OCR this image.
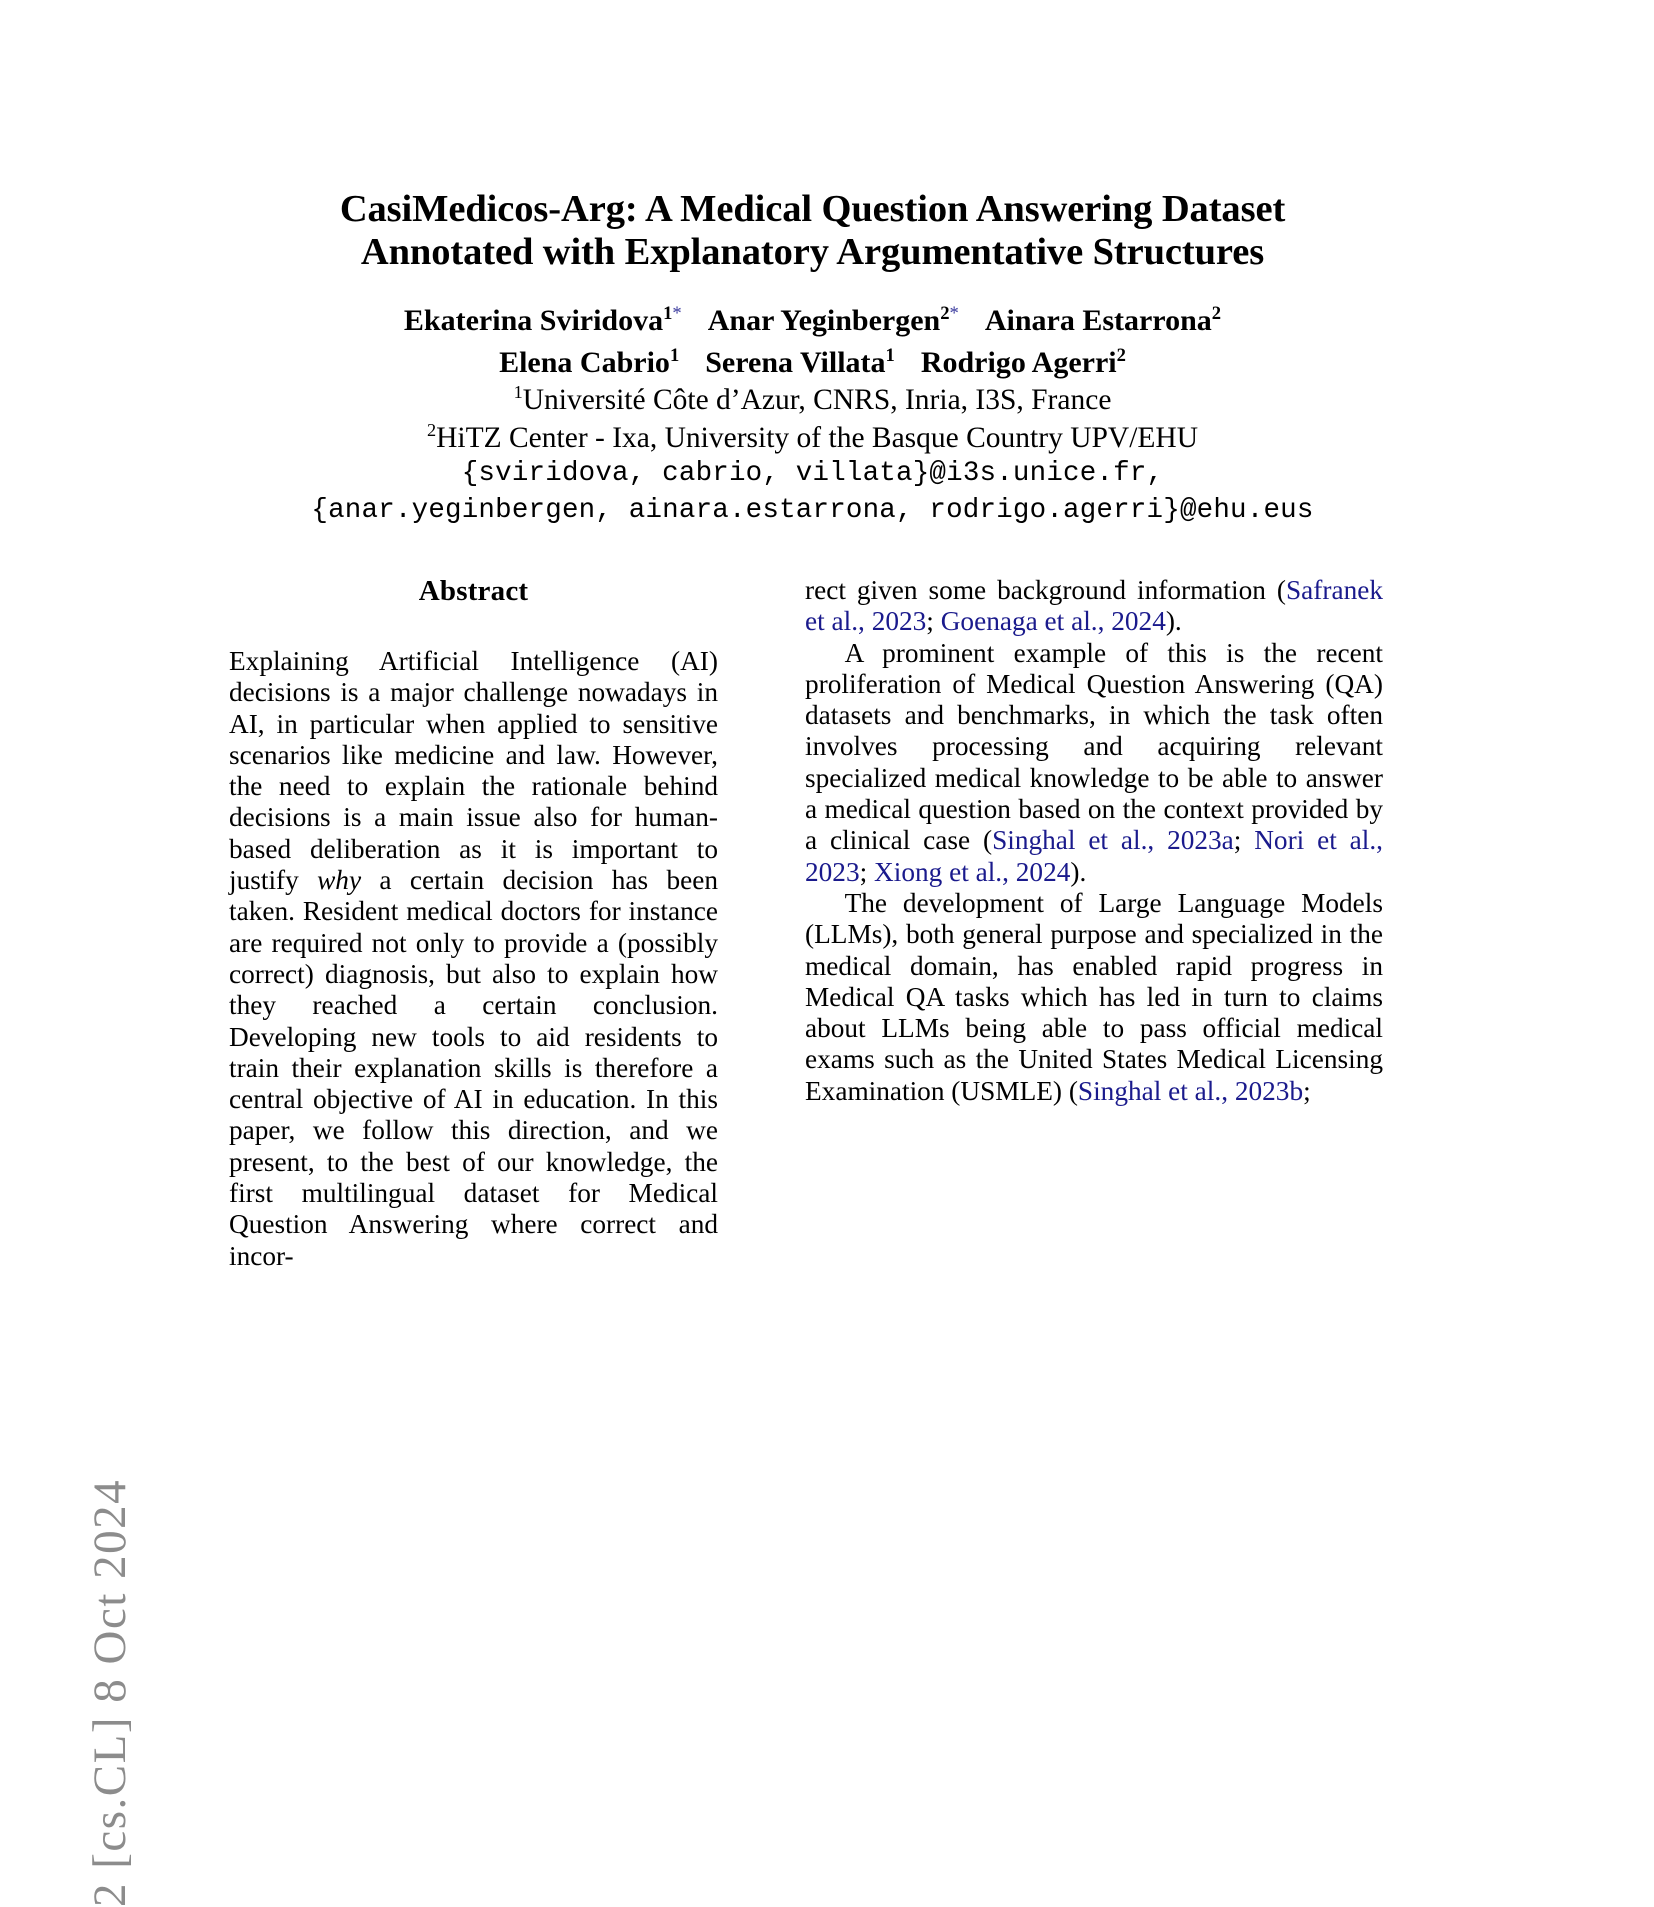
2 [cs.CL] 8 Oct 2024
CasiMedicos-Arg: A Medical Question Answering Dataset
Annotated with Explanatory Argumentative Structures
Ekaterina Sviridova$^{1*}$ Anar Yeginbergen$^{2*}$ Ainara Estarrona$^2$
Elena Cabrio$^1$ Serena Villata$^1$ Rodrigo Agerri$^2$
$^1$Université Côte d’Azur, CNRS, Inria, I3S, France
$^2$HiTZ Center - Ixa, University of the Basque Country UPV/EHU
{sviridova, cabrio, villata}@i3s.unice.fr,
{anar.yeginbergen, ainara.estarrona, rodrigo.agerri}@ehu.eus
Abstract

Explaining Artificial Intelligence (AI) decisions is a major challenge nowadays in AI, in particular when applied to sensitive scenarios like medicine and law. However, the need to explain the rationale behind decisions is a main issue also for human-based deliberation as it is important to justify why a certain decision has been taken. Resident medical doctors for instance are required not only to provide a (possibly correct) diagnosis, but also to explain how they reached a certain conclusion. Developing new tools to aid residents to train their explanation skills is therefore a central objective of AI in education. In this paper, we follow this direction, and we present, to the best of our knowledge, the first multilingual dataset for Medical Question Answering where correct and incor-

rect given some background information (Safranek et al., 2023; Goenaga et al., 2024).

A prominent example of this is the recent proliferation of Medical Question Answering (QA) datasets and benchmarks, in which the task often involves processing and acquiring relevant specialized medical knowledge to be able to answer a medical question based on the context provided by a clinical case (Singhal et al., 2023a; Nori et al., 2023; Xiong et al., 2024).

The development of Large Language Models (LLMs), both general purpose and specialized in the medical domain, has enabled rapid progress in Medical QA tasks which has led in turn to claims about LLMs being able to pass official medical exams such as the United States Medical Licensing Examination (USMLE) (Singhal et al., 2023b;
